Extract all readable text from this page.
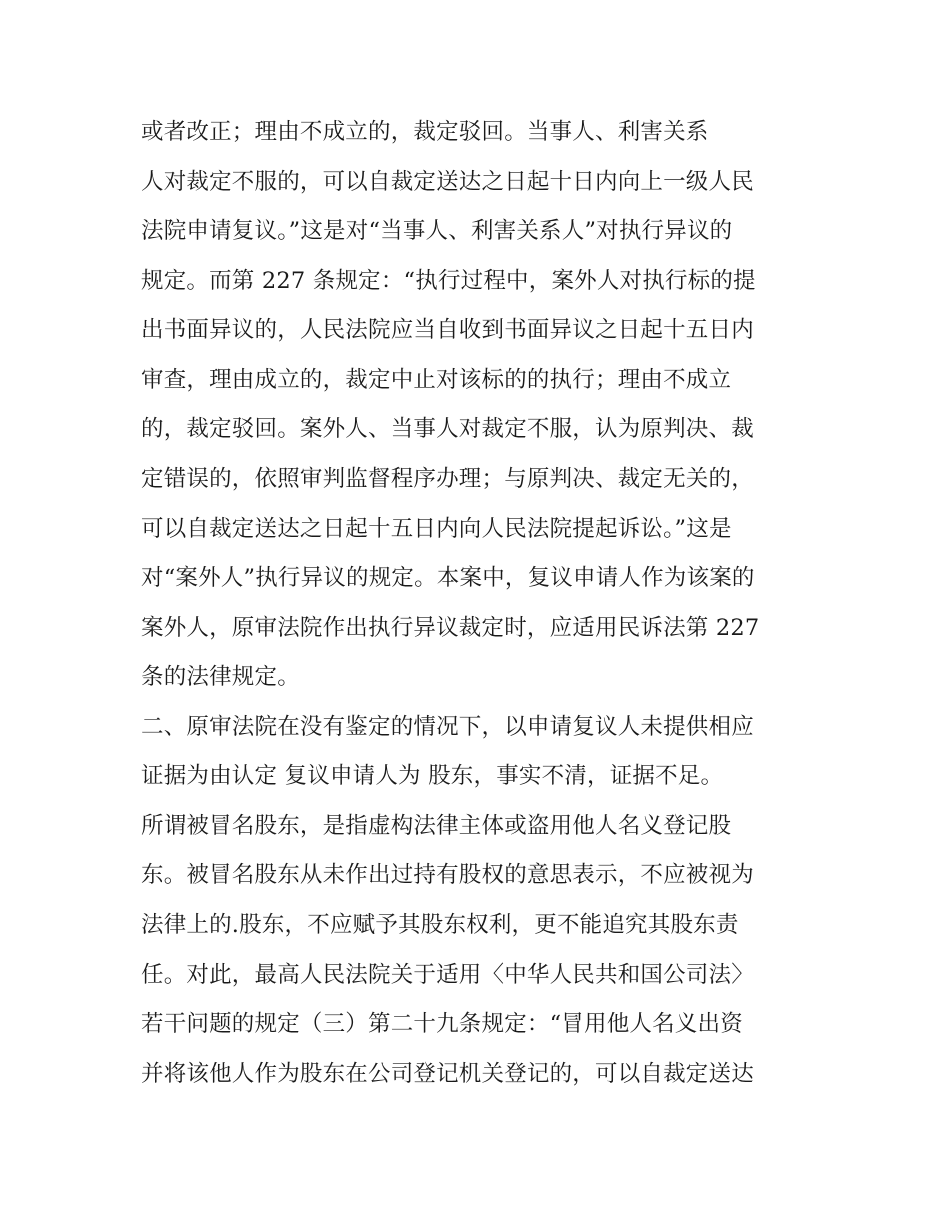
或者改正；理由不成立的，裁定驳回。当事人、利害关系
人对裁定不服的，可以自裁定送达之日起十日内向上一级人民
法院申请复议。”这是对“当事人、利害关系人”对执行异议的
规定。而第 227 条规定：“执行过程中，案外人对执行标的提
出书面异议的，人民法院应当自收到书面异议之日起十五日内
审查，理由成立的，裁定中止对该标的的执行；理由不成立
的，裁定驳回。案外人、当事人对裁定不服，认为原判决、裁
定错误的，依照审判监督程序办理；与原判决、裁定无关的，
可以自裁定送达之日起十五日内向人民法院提起诉讼。”这是
对“案外人”执行异议的规定。本案中，复议申请人作为该案的
案外人，原审法院作出执行异议裁定时，应适用民诉法第 227
条的法律规定。
二、原审法院在没有鉴定的情况下，以申请复议人未提供相应
证据为由认定 复议申请人为 股东，事实不清，证据不足。
所谓被冒名股东，是指虚构法律主体或盗用他人名义登记股
东。被冒名股东从未作出过持有股权的意思表示，不应被视为
法律上的.股东，不应赋予其股东权利，更不能追究其股东责
任。对此，最高人民法院关于适用〈中华人民共和国公司法〉
若干问题的规定（三）第二十九条规定：“冒用他人名义出资
并将该他人作为股东在公司登记机关登记的，可以自裁定送达
